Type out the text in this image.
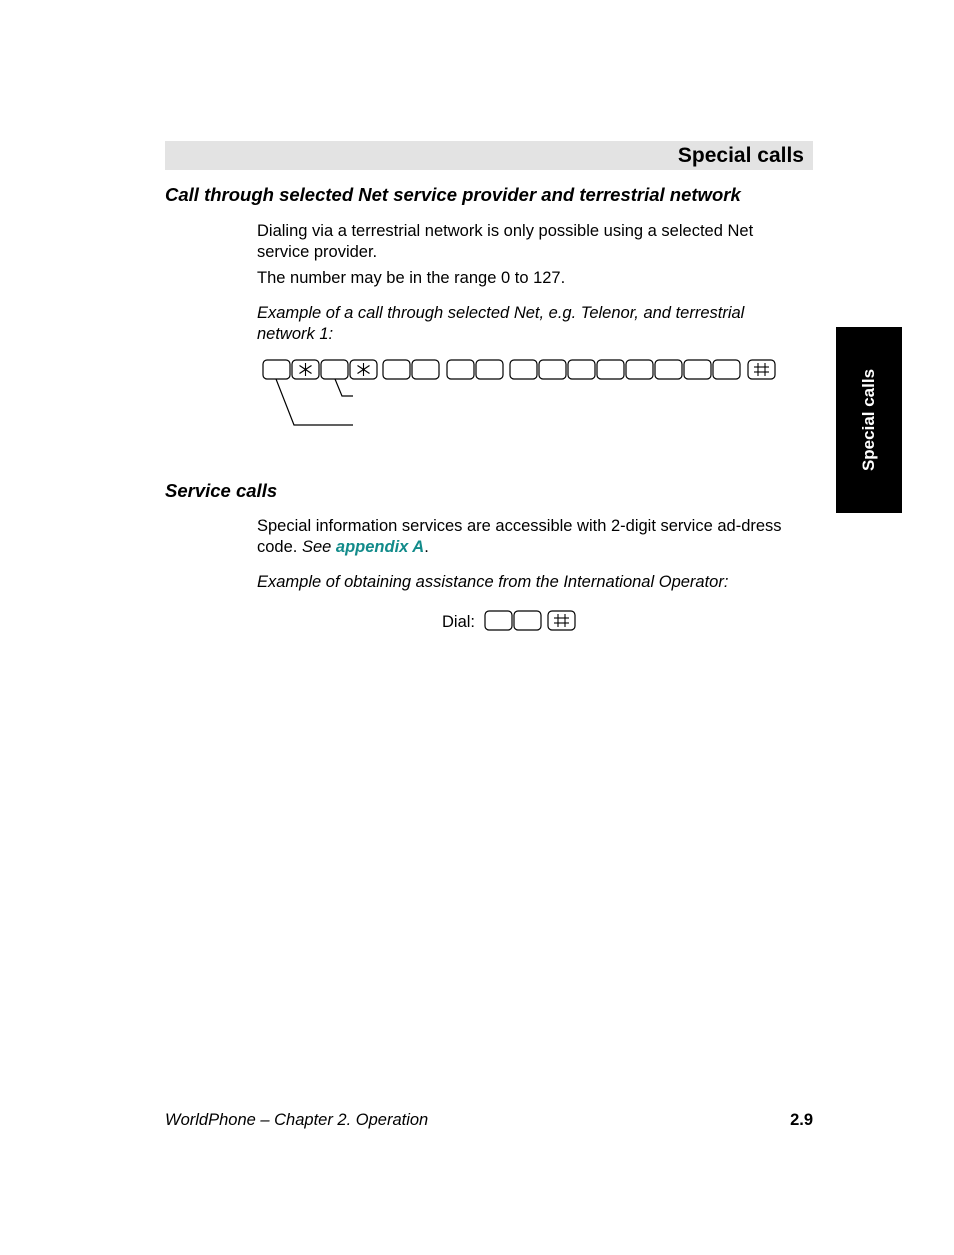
Special calls
Special calls
Call through selected Net service provider and terrestrial network
Dialing via a terrestrial network is only possible using a selected Net service provider.
The number may be in the range 0 to 127.
Example of a call through selected Net, e.g. Telenor, and terrestrial network 1:
Service calls
Special information services are accessible with 2-digit service ad-dress code. See appendix A.
Example of obtaining assistance from the International Operator:
Dial:
WorldPhone – Chapter 2. Operation	2.9
